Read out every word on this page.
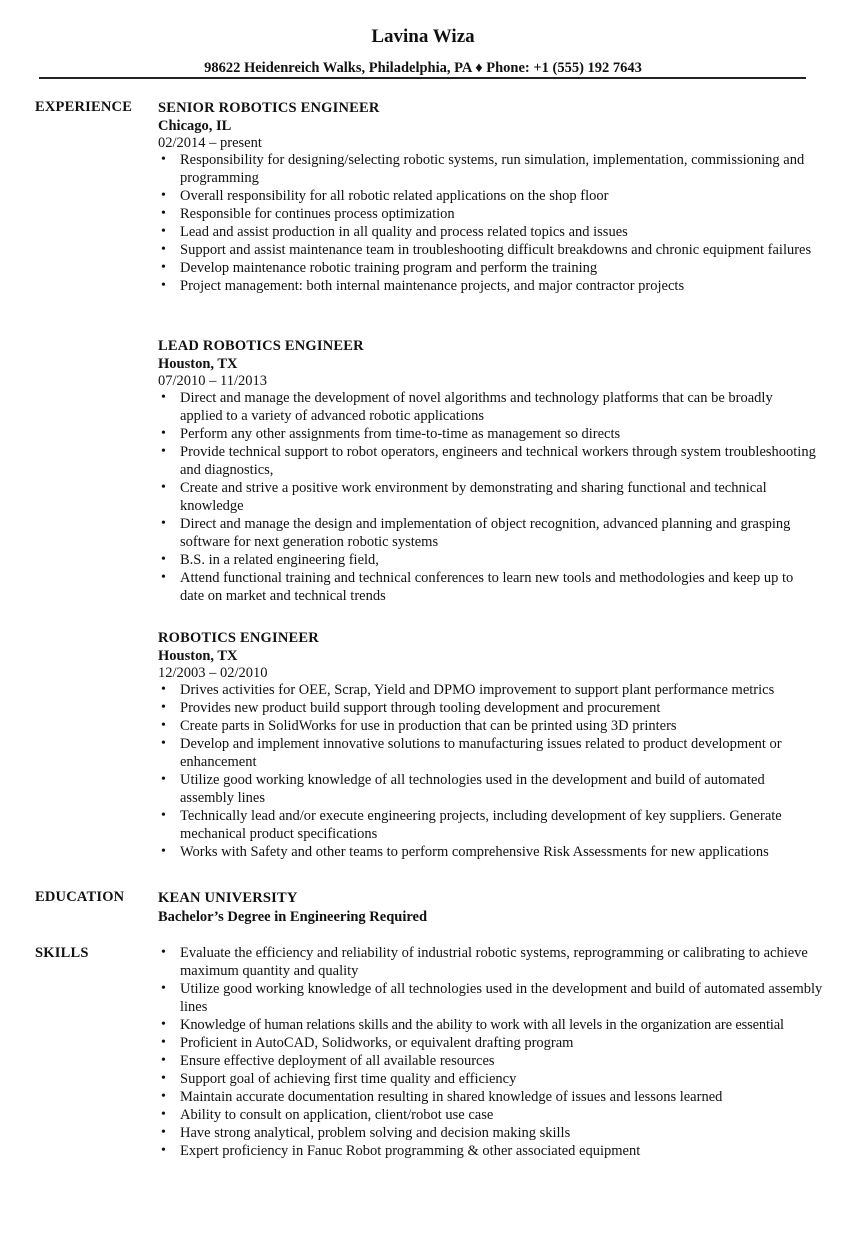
Lavina Wiza
98622 Heidenreich Walks, Philadelphia, PA ♦ Phone: +1 (555) 192 7643
EXPERIENCE SENIOR ROBOTICS ENGINEER
Chicago, IL
02/2014 – present
• Responsibility for designing/selecting robotic systems, run simulation, implementation, commissioning and programming
• Overall responsibility for all robotic related applications on the shop floor
• Responsible for continues process optimization
• Lead and assist production in all quality and process related topics and issues
• Support and assist maintenance team in troubleshooting difficult breakdowns and chronic equipment failures
• Develop maintenance robotic training program and perform the training
• Project management: both internal maintenance projects, and major contractor projects
LEAD ROBOTICS ENGINEER
Houston, TX
07/2010 – 11/2013
• Direct and manage the development of novel algorithms and technology platforms that can be broadly applied to a variety of advanced robotic applications
• Perform any other assignments from time-to-time as management so directs
• Provide technical support to robot operators, engineers and technical workers through system troubleshooting and diagnostics,
• Create and strive a positive work environment by demonstrating and sharing functional and technical knowledge
• Direct and manage the design and implementation of object recognition, advanced planning and grasping software for next generation robotic systems
• B.S. in a related engineering field,
• Attend functional training and technical conferences to learn new tools and methodologies and keep up to date on market and technical trends
ROBOTICS ENGINEER
Houston, TX
12/2003 – 02/2010
• Drives activities for OEE, Scrap, Yield and DPMO improvement to support plant performance metrics
• Provides new product build support through tooling development and procurement
• Create parts in SolidWorks for use in production that can be printed using 3D printers
• Develop and implement innovative solutions to manufacturing issues related to product development or enhancement
• Utilize good working knowledge of all technologies used in the development and build of automated assembly lines
• Technically lead and/or execute engineering projects, including development of key suppliers. Generate mechanical product specifications
• Works with Safety and other teams to perform comprehensive Risk Assessments for new applications
EDUCATION KEAN UNIVERSITY
Bachelor’s Degree in Engineering Required
SKILLS
•	Evaluate the efficiency and reliability of industrial robotic systems, reprogramming or calibrating to achieve maximum quantity and quality
• Utilize good working knowledge of all technologies used in the development and build of automated assembly lines
• Knowledge of human relations skills and the ability to work with all levels in the organization are essential
• Proficient in AutoCAD, Solidworks, or equivalent drafting program
• Ensure effective deployment of all available resources
• Support goal of achieving first time quality and efficiency
• Maintain accurate documentation resulting in shared knowledge of issues and lessons learned
• Ability to consult on application, client/robot use case
• Have strong analytical, problem solving and decision making skills
• Expert proficiency in Fanuc Robot programming & other associated equipment
